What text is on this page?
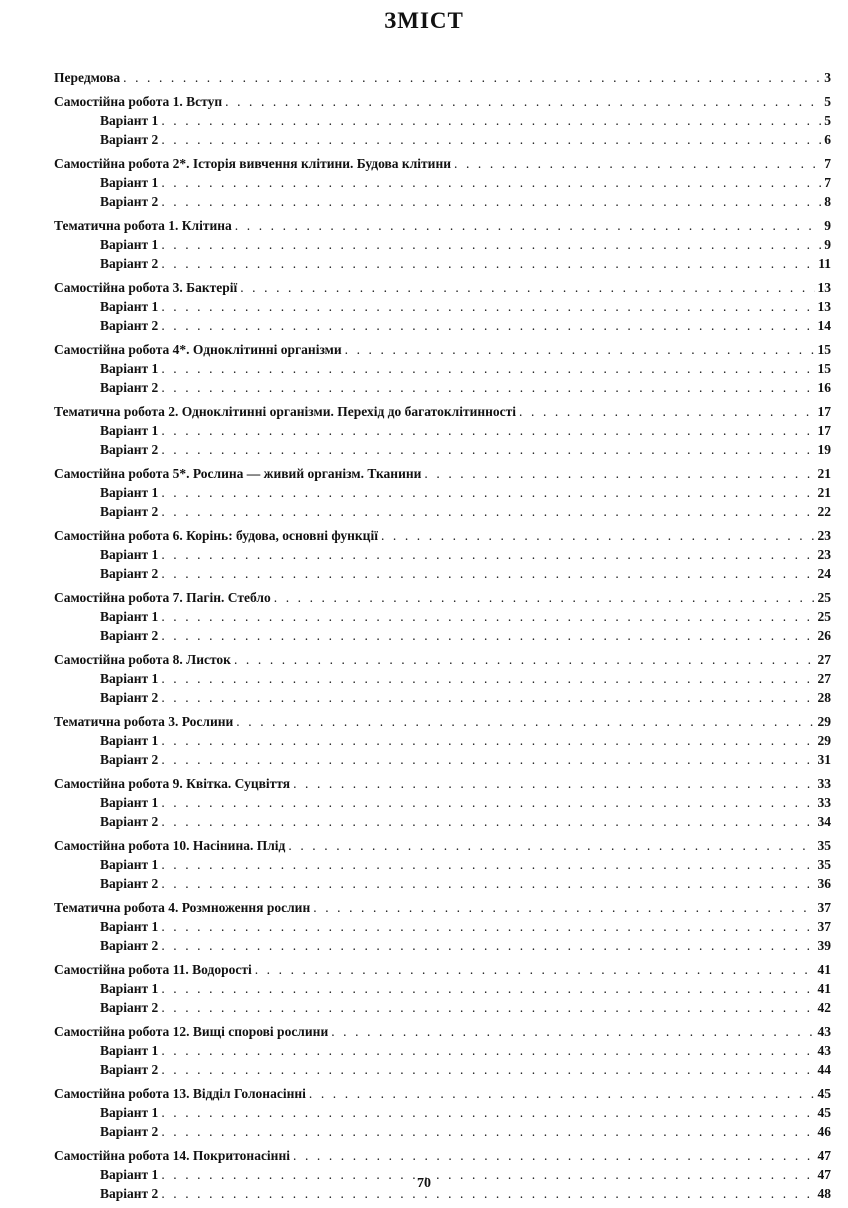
ЗМІСТ
Передмова . . .	3
Самостійна робота 1. Вступ . . .	5
Варіант 1 . . .	5
Варіант 2 . . .	6
Самостійна робота 2*. Історія вивчення клітини. Будова клітини . . .	7
Варіант 1 . . .	7
Варіант 2 . . .	8
Тематична робота 1. Клітина . . .	9
Варіант 1 . . .	9
Варіант 2 . . .	11
Самостійна робота 3. Бактерії . . .	13
Варіант 1 . . .	13
Варіант 2 . . .	14
Самостійна робота 4*. Одноклітинні організми . . .	15
Варіант 1 . . .	15
Варіант 2 . . .	16
Тематична робота 2. Одноклітинні організми. Перехід до багатоклітинності . . .	17
Варіант 1 . . .	17
Варіант 2 . . .	19
Самостійна робота 5*. Рослина — живий організм. Тканини . . .	21
Варіант 1 . . .	21
Варіант 2 . . .	22
Самостійна робота 6. Корінь: будова, основні функції . . .	23
Варіант 1 . . .	23
Варіант 2 . . .	24
Самостійна робота 7. Пагін. Стебло . . .	25
Варіант 1 . . .	25
Варіант 2 . . .	26
Самостійна робота 8. Листок . . .	27
Варіант 1 . . .	27
Варіант 2 . . .	28
Тематична робота 3. Рослини . . .	29
Варіант 1 . . .	29
Варіант 2 . . .	31
Самостійна робота 9. Квітка. Суцвіття . . .	33
Варіант 1 . . .	33
Варіант 2 . . .	34
Самостійна робота 10. Насінина. Плід . . .	35
Варіант 1 . . .	35
Варіант 2 . . .	36
Тематична робота 4. Розмноження рослин . . .	37
Варіант 1 . . .	37
Варіант 2 . . .	39
Самостійна робота 11. Водорості . . .	41
Варіант 1 . . .	41
Варіант 2 . . .	42
Самостійна робота 12. Вищі спорові рослини . . .	43
Варіант 1 . . .	43
Варіант 2 . . .	44
Самостійна робота 13. Відділ Голонасінні . . .	45
Варіант 1 . . .	45
Варіант 2 . . .	46
Самостійна робота 14. Покритонасінні . . .	47
Варіант 1 . . .	47
Варіант 2 . . .	48
70
